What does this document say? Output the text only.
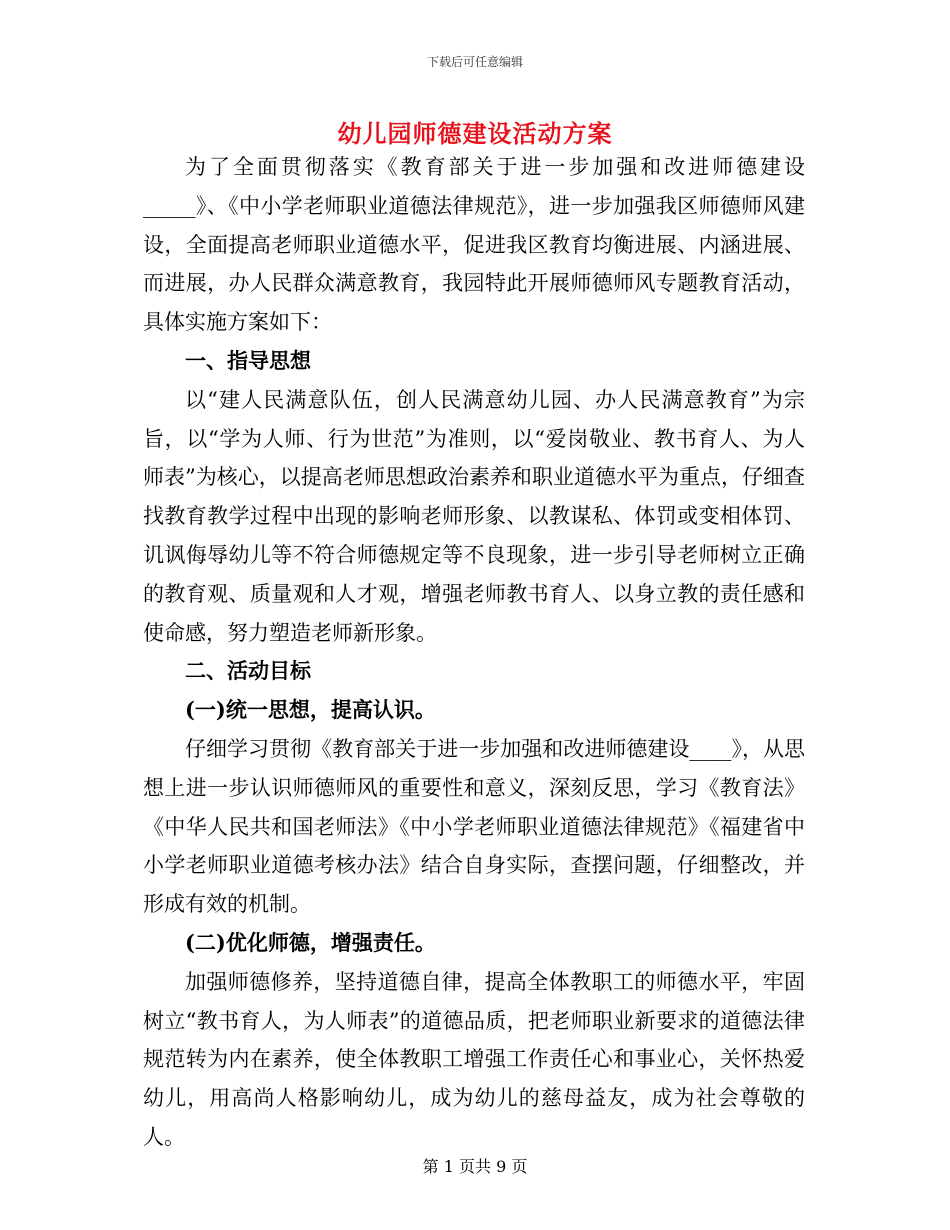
下载后可任意编辑
幼儿园师德建设活动方案

为了全面贯彻落实《教育部关于进一步加强和改进师德建设_____》、《中小学老师职业道德法律规范》，进一步加强我区师德师风建设，全面提高老师职业道德水平，促进我区教育均衡进展、内涵进展、而进展，办人民群众满意教育，我园特此开展师德师风专题教育活动，具体实施方案如下：

一、指导思想

以“建人民满意队伍，创人民满意幼儿园、办人民满意教育”为宗旨，以“学为人师、行为世范”为准则，以“爱岗敬业、教书育人、为人师表”为核心，以提高老师思想政治素养和职业道德水平为重点，仔细查找教育教学过程中出现的影响老师形象、以教谋私、体罚或变相体罚、讥讽侮辱幼儿等不符合师德规定等不良现象，进一步引导老师树立正确的教育观、质量观和人才观，增强老师教书育人、以身立教的责任感和使命感，努力塑造老师新形象。

二、活动目标

(一)统一思想，提高认识。

仔细学习贯彻《教育部关于进一步加强和改进师德建设____》，从思想上进一步认识师德师风的重要性和意义，深刻反思，学习《教育法》《中华人民共和国老师法》《中小学老师职业道德法律规范》《福建省中小学老师职业道德考核办法》结合自身实际，查摆问题，仔细整改，并形成有效的机制。

(二)优化师德，增强责任。

加强师德修养，坚持道德自律，提高全体教职工的师德水平，牢固树立“教书育人，为人师表”的道德品质，把老师职业新要求的道德法律规范转为内在素养，使全体教职工增强工作责任心和事业心，关怀热爱幼儿，用高尚人格影响幼儿，成为幼儿的慈母益友，成为社会尊敬的人。

第 1 页共 9 页
